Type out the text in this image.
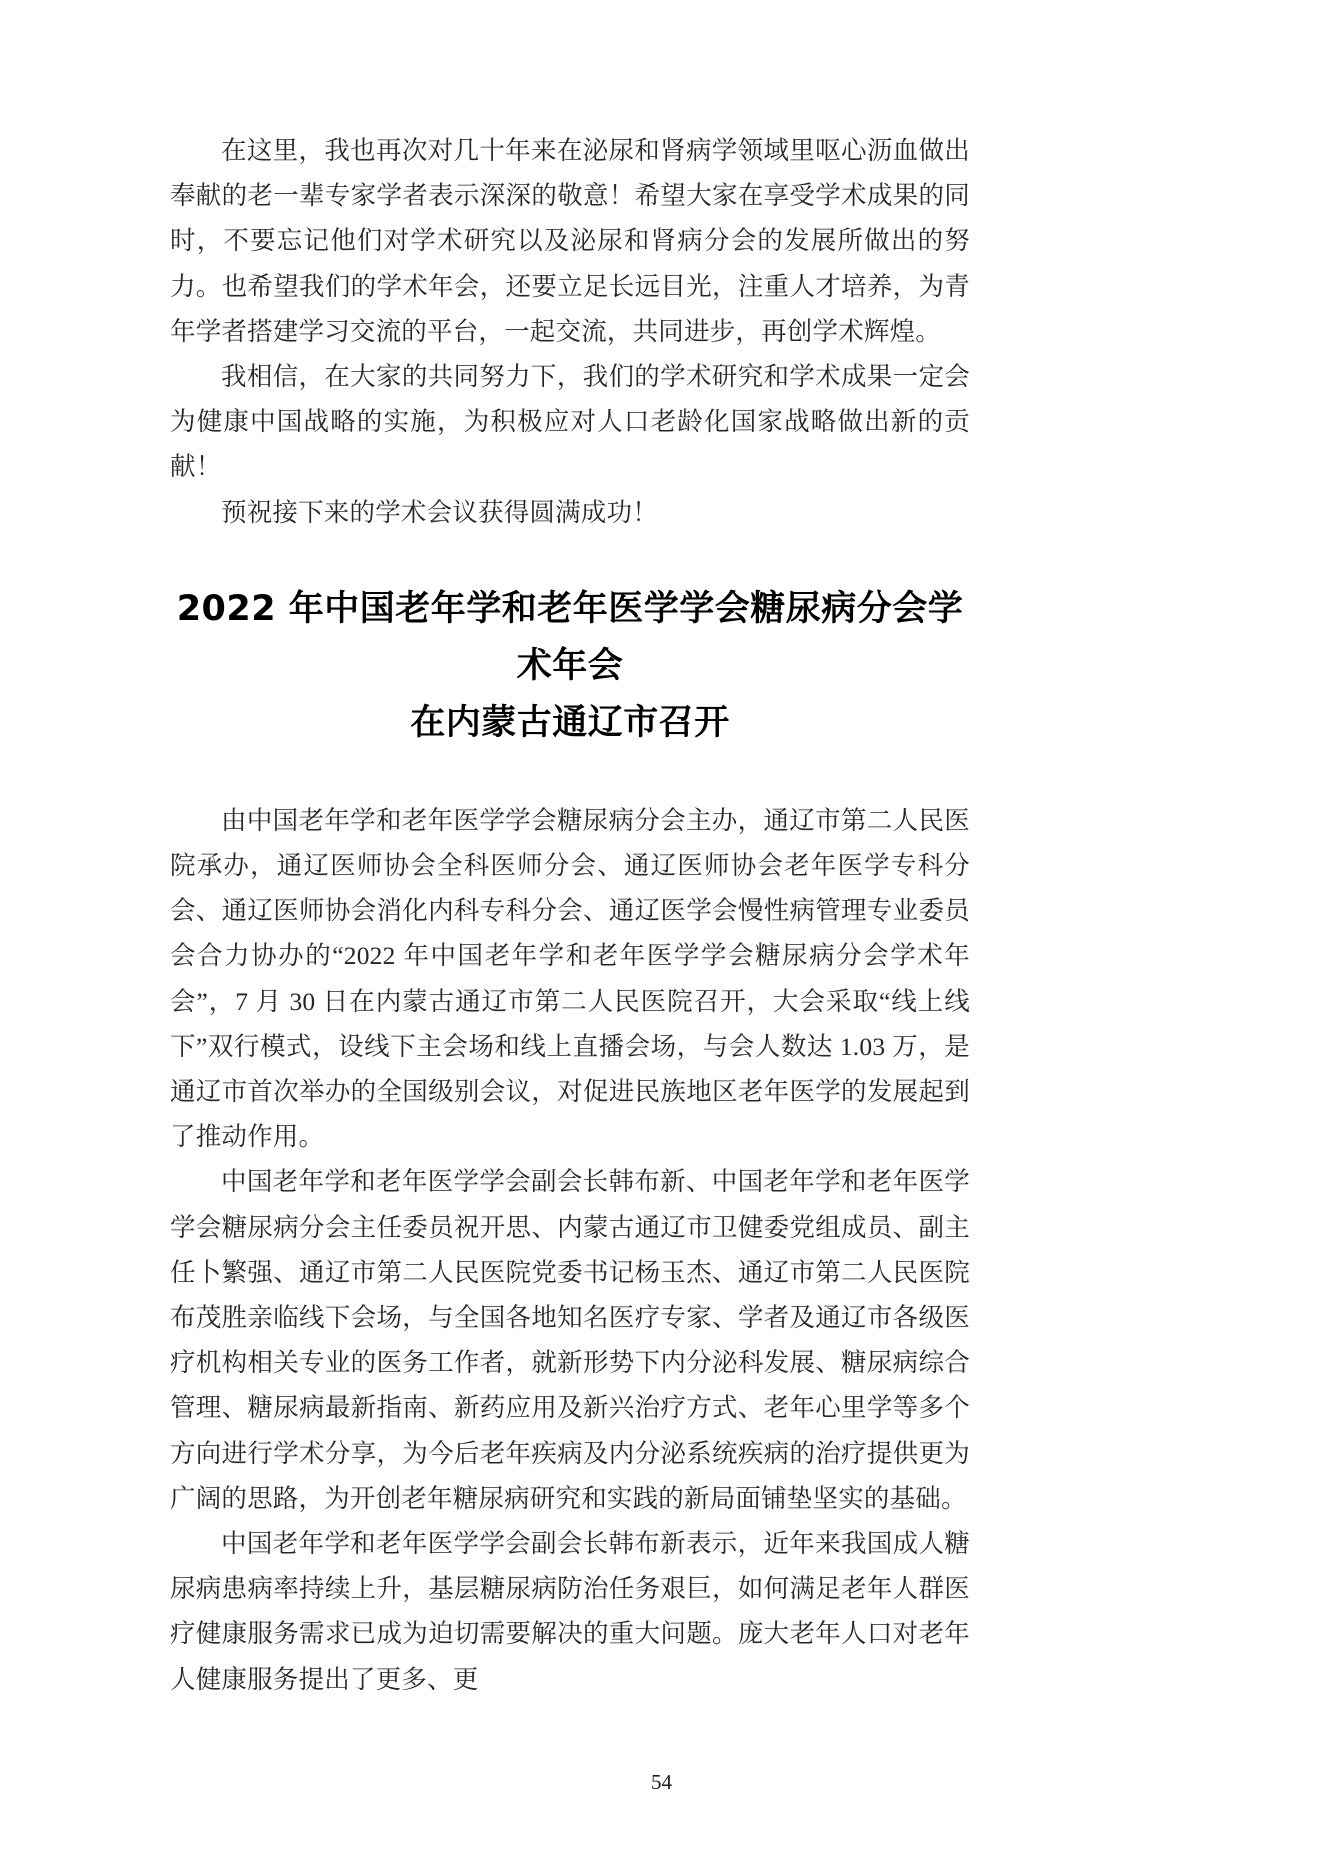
在这里，我也再次对几十年来在泌尿和肾病学领域里呕心沥血做出奉献的老一辈专家学者表示深深的敬意！希望大家在享受学术成果的同时，不要忘记他们对学术研究以及泌尿和肾病分会的发展所做出的努力。也希望我们的学术年会，还要立足长远目光，注重人才培养，为青年学者搭建学习交流的平台，一起交流，共同进步，再创学术辉煌。

我相信，在大家的共同努力下，我们的学术研究和学术成果一定会为健康中国战略的实施，为积极应对人口老龄化国家战略做出新的贡献！

预祝接下来的学术会议获得圆满成功！

2022 年中国老年学和老年医学学会糖尿病分会学术年会
在内蒙古通辽市召开

由中国老年学和老年医学学会糖尿病分会主办，通辽市第二人民医院承办，通辽医师协会全科医师分会、通辽医师协会老年医学专科分会、通辽医师协会消化内科专科分会、通辽医学会慢性病管理专业委员会合力协办的“2022 年中国老年学和老年医学学会糖尿病分会学术年会”，7 月 30 日在内蒙古通辽市第二人民医院召开，大会采取“线上线下”双行模式，设线下主会场和线上直播会场，与会人数达 1.03 万，是通辽市首次举办的全国级别会议，对促进民族地区老年医学的发展起到了推动作用。

中国老年学和老年医学学会副会长韩布新、中国老年学和老年医学学会糖尿病分会主任委员祝开思、内蒙古通辽市卫健委党组成员、副主任卜繁强、通辽市第二人民医院党委书记杨玉杰、通辽市第二人民医院布茂胜亲临线下会场，与全国各地知名医疗专家、学者及通辽市各级医疗机构相关专业的医务工作者，就新形势下内分泌科发展、糖尿病综合管理、糖尿病最新指南、新药应用及新兴治疗方式、老年心里学等多个方向进行学术分享，为今后老年疾病及内分泌系统疾病的治疗提供更为广阔的思路，为开创老年糖尿病研究和实践的新局面铺垫坚实的基础。

中国老年学和老年医学学会副会长韩布新表示，近年来我国成人糖尿病患病率持续上升，基层糖尿病防治任务艰巨，如何满足老年人群医疗健康服务需求已成为迫切需要解决的重大问题。庞大老年人口对老年人健康服务提出了更多、更

54
